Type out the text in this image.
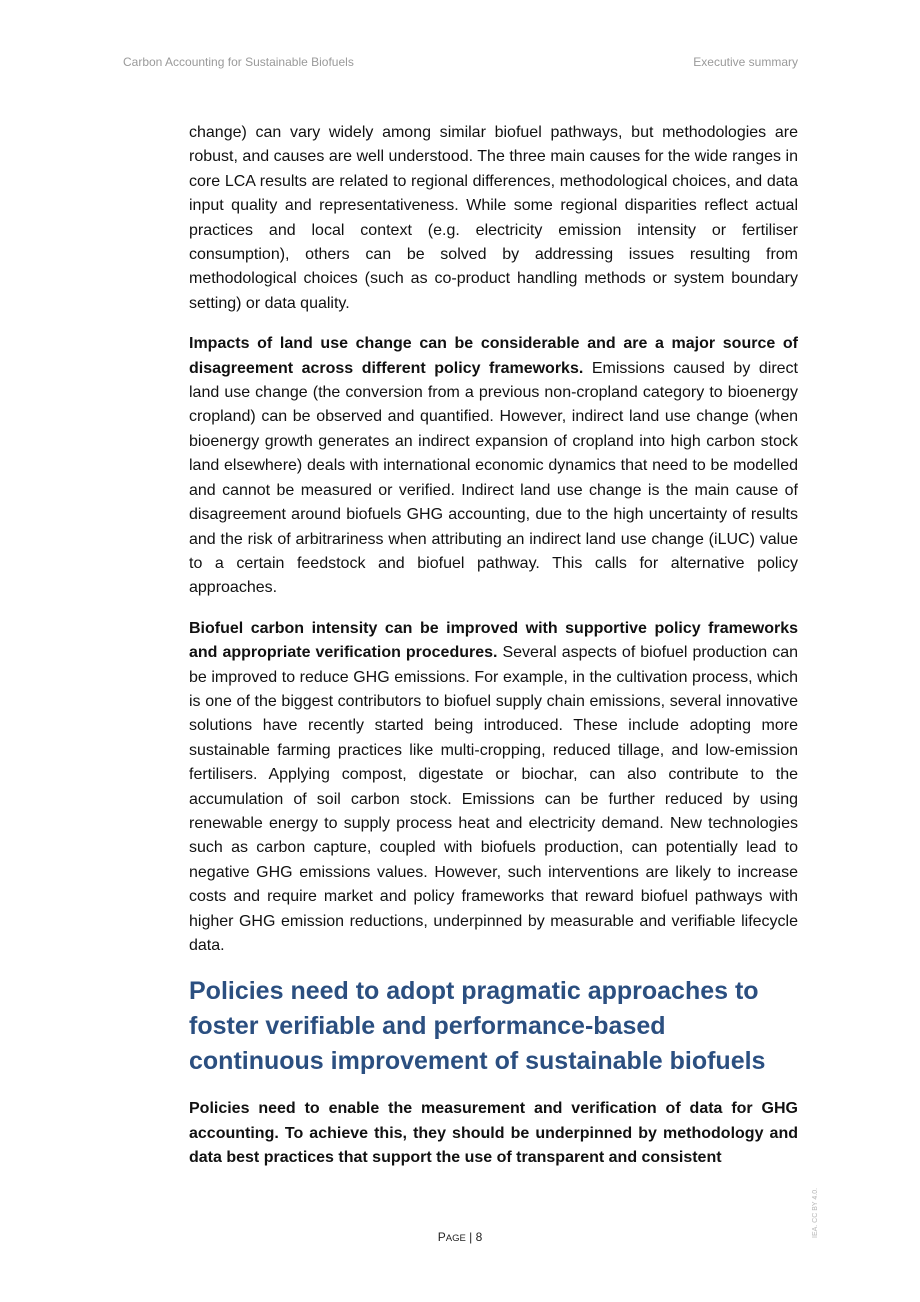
Carbon Accounting for Sustainable Biofuels	Executive summary

change) can vary widely among similar biofuel pathways, but methodologies are robust, and causes are well understood. The three main causes for the wide ranges in core LCA results are related to regional differences, methodological choices, and data input quality and representativeness. While some regional disparities reflect actual practices and local context (e.g. electricity emission intensity or fertiliser consumption), others can be solved by addressing issues resulting from methodological choices (such as co-product handling methods or system boundary setting) or data quality.

Impacts of land use change can be considerable and are a major source of disagreement across different policy frameworks. Emissions caused by direct land use change (the conversion from a previous non-cropland category to bioenergy cropland) can be observed and quantified. However, indirect land use change (when bioenergy growth generates an indirect expansion of cropland into high carbon stock land elsewhere) deals with international economic dynamics that need to be modelled and cannot be measured or verified. Indirect land use change is the main cause of disagreement around biofuels GHG accounting, due to the high uncertainty of results and the risk of arbitrariness when attributing an indirect land use change (iLUC) value to a certain feedstock and biofuel pathway. This calls for alternative policy approaches.

Biofuel carbon intensity can be improved with supportive policy frameworks and appropriate verification procedures. Several aspects of biofuel production can be improved to reduce GHG emissions. For example, in the cultivation process, which is one of the biggest contributors to biofuel supply chain emissions, several innovative solutions have recently started being introduced. These include adopting more sustainable farming practices like multi-cropping, reduced tillage, and low-emission fertilisers. Applying compost, digestate or biochar, can also contribute to the accumulation of soil carbon stock. Emissions can be further reduced by using renewable energy to supply process heat and electricity demand. New technologies such as carbon capture, coupled with biofuels production, can potentially lead to negative GHG emissions values. However, such interventions are likely to increase costs and require market and policy frameworks that reward biofuel pathways with higher GHG emission reductions, underpinned by measurable and verifiable lifecycle data.

Policies need to adopt pragmatic approaches to foster verifiable and performance-based continuous improvement of sustainable biofuels

Policies need to enable the measurement and verification of data for GHG accounting. To achieve this, they should be underpinned by methodology and data best practices that support the use of transparent and consistent

PAGE | 8	IEA. CC BY 4.0.
